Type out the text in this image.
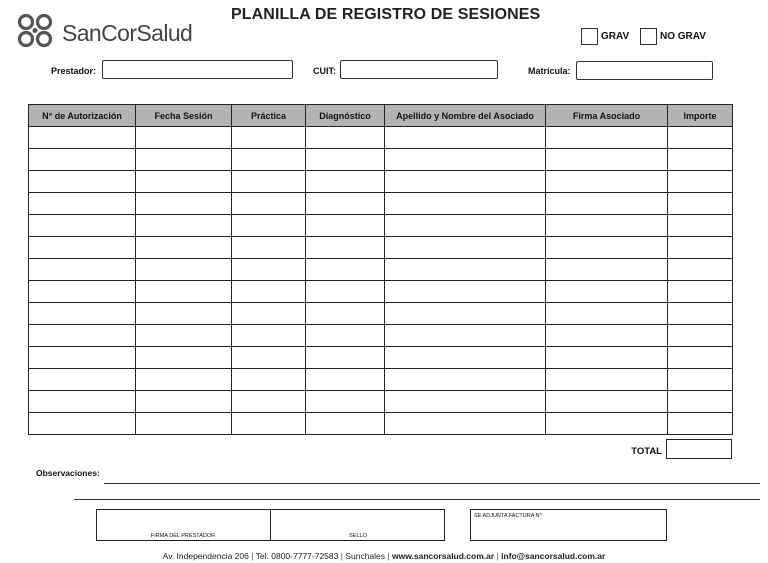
SanCorSalud
PLANILLA DE REGISTRO DE SESIONES
GRAV	NO GRAV
Prestador:	CUIT:	Matrícula:
N° de Autorización	Fecha Sesión	Práctica	Diagnóstico	Apellido y Nombre del Asociado	Firma Asociado	Importe

TOTAL
Observaciones:
FIRMA DEL PRESTADOR	SELLO
SE ADJUNTA FACTURA N°
Av. Independencia 206 | Tel. 0800-7777-72583 | Sunchales | www.sancorsalud.com.ar | info@sancorsalud.com.ar
